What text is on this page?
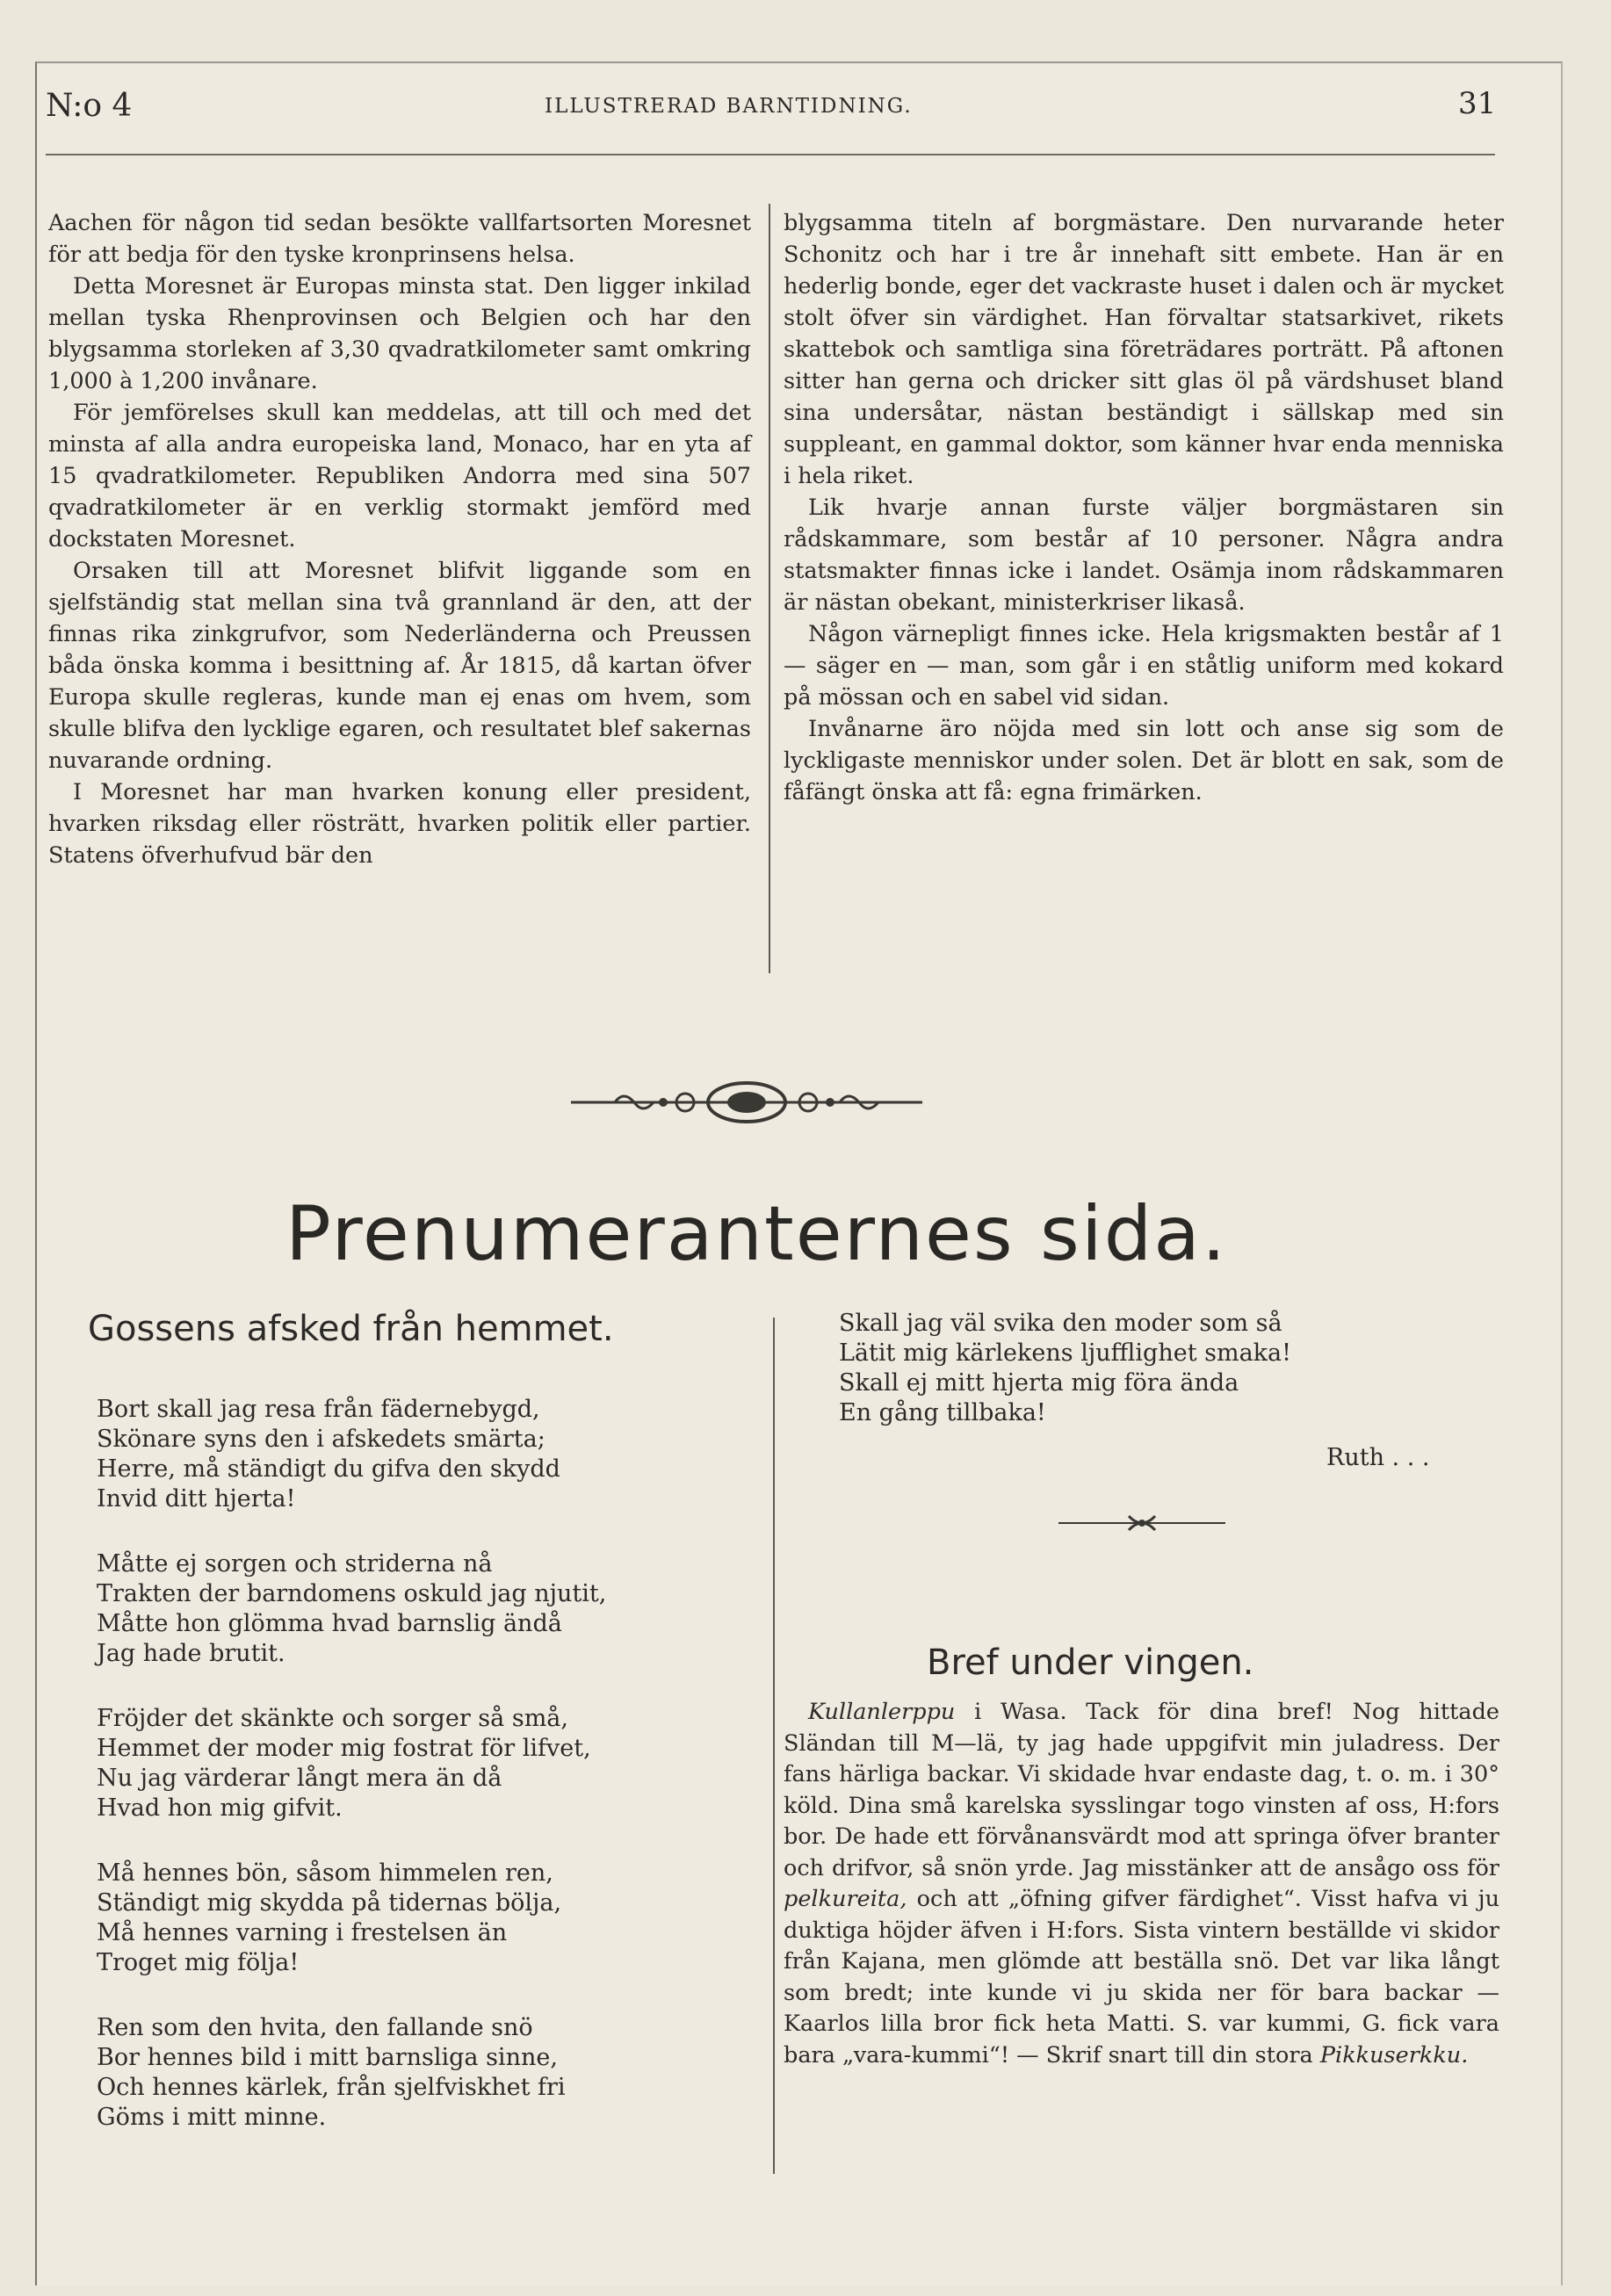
N:o 4	ILLUSTRERAD BARNTIDNING.	31

Aachen för någon tid sedan besökte vallfartsorten Moresnet för att bedja för den tyske kronprinsens helsa.

Detta Moresnet är Europas minsta stat. Den ligger inkilad mellan tyska Rhenprovinsen och Belgien och har den blygsamma storleken af 3,30 qvadratkilometer samt omkring 1,000 à 1,200 invånare.

För jemförelses skull kan meddelas, att till och med det minsta af alla andra europeiska land, Monaco, har en yta af 15 qvadratkilometer. Republiken Andorra med sina 507 qvadratkilometer är en verklig stormakt jemförd med dockstaten Moresnet.

Orsaken till att Moresnet blifvit liggande som en sjelfständig stat mellan sina två grannland är den, att der finnas rika zinkgrufvor, som Nederländerna och Preussen båda önska komma i besittning af. År 1815, då kartan öfver Europa skulle regleras, kunde man ej enas om hvem, som skulle blifva den lycklige egaren, och resultatet blef sakernas nuvarande ordning.

I Moresnet har man hvarken konung eller president, hvarken riksdag eller rösträtt, hvarken politik eller partier. Statens öfverhufvud bär den

blygsamma titeln af borgmästare. Den nurvarande heter Schonitz och har i tre år innehaft sitt embete. Han är en hederlig bonde, eger det vackraste huset i dalen och är mycket stolt öfver sin värdighet. Han förvaltar statsarkivet, rikets skattebok och samtliga sina företrädares porträtt. På aftonen sitter han gerna och dricker sitt glas öl på värdshuset bland sina undersåtar, nästan beständigt i sällskap med sin suppleant, en gammal doktor, som känner hvar enda menniska i hela riket.

Lik hvarje annan furste väljer borgmästaren sin rådskammare, som består af 10 personer. Några andra statsmakter finnas icke i landet. Osämja inom rådskammaren är nästan obekant, ministerkriser likaså.

Någon värnepligt finnes icke. Hela krigsmakten består af 1 — säger en — man, som går i en ståtlig uniform med kokard på mössan och en sabel vid sidan.

Invånarne äro nöjda med sin lott och anse sig som de lyckligaste menniskor under solen. Det är blott en sak, som de fåfängt önska att få: egna frimärken.

Prenumeranternes sida.
Gossens afsked från hemmet.
Bort skall jag resa från fädernebygd,
Skönare syns den i afskedets smärta;
Herre, må ständigt du gifva den skydd
Invid ditt hjerta!
Måtte ej sorgen och striderna nå
Trakten der barndomens oskuld jag njutit,
Måtte hon glömma hvad barnslig ändå
Jag hade brutit.
Fröjder det skänkte och sorger så små,
Hemmet der moder mig fostrat för lifvet,
Nu jag värderar långt mera än då
Hvad hon mig gifvit.
Må hennes bön, såsom himmelen ren,
Ständigt mig skydda på tidernas bölja,
Må hennes varning i frestelsen än
Troget mig följa!
Ren som den hvita, den fallande snö
Bor hennes bild i mitt barnsliga sinne,
Och hennes kärlek, från sjelfviskhet fri
Göms i mitt minne.
Skall jag väl svika den moder som så
Lätit mig kärlekens ljufflighet smaka!
Skall ej mitt hjerta mig föra ända
En gång tillbaka!
Ruth . . .
Bref under vingen.

Kullanlerppu i Wasa. Tack för dina bref! Nog hittade Sländan till M—lä, ty jag hade uppgifvit min juladress. Der fans härliga backar. Vi skidade hvar endaste dag, t. o. m. i 30° köld. Dina små karelska sysslingar togo vinsten af oss, H:fors bor. De hade ett förvånansvärdt mod att springa öfver branter och drifvor, så snön yrde. Jag misstänker att de ansågo oss för pelkureita, och att „öfning gifver färdighet“. Visst hafva vi ju duktiga höjder äfven i H:fors. Sista vintern beställde vi skidor från Kajana, men glömde att beställa snö. Det var lika långt som bredt; inte kunde vi ju skida ner för bara backar — Kaarlos lilla bror fick heta Matti. S. var kummi, G. fick vara bara „vara-kummi“! — Skrif snart till din stora Pikkuserkku.
